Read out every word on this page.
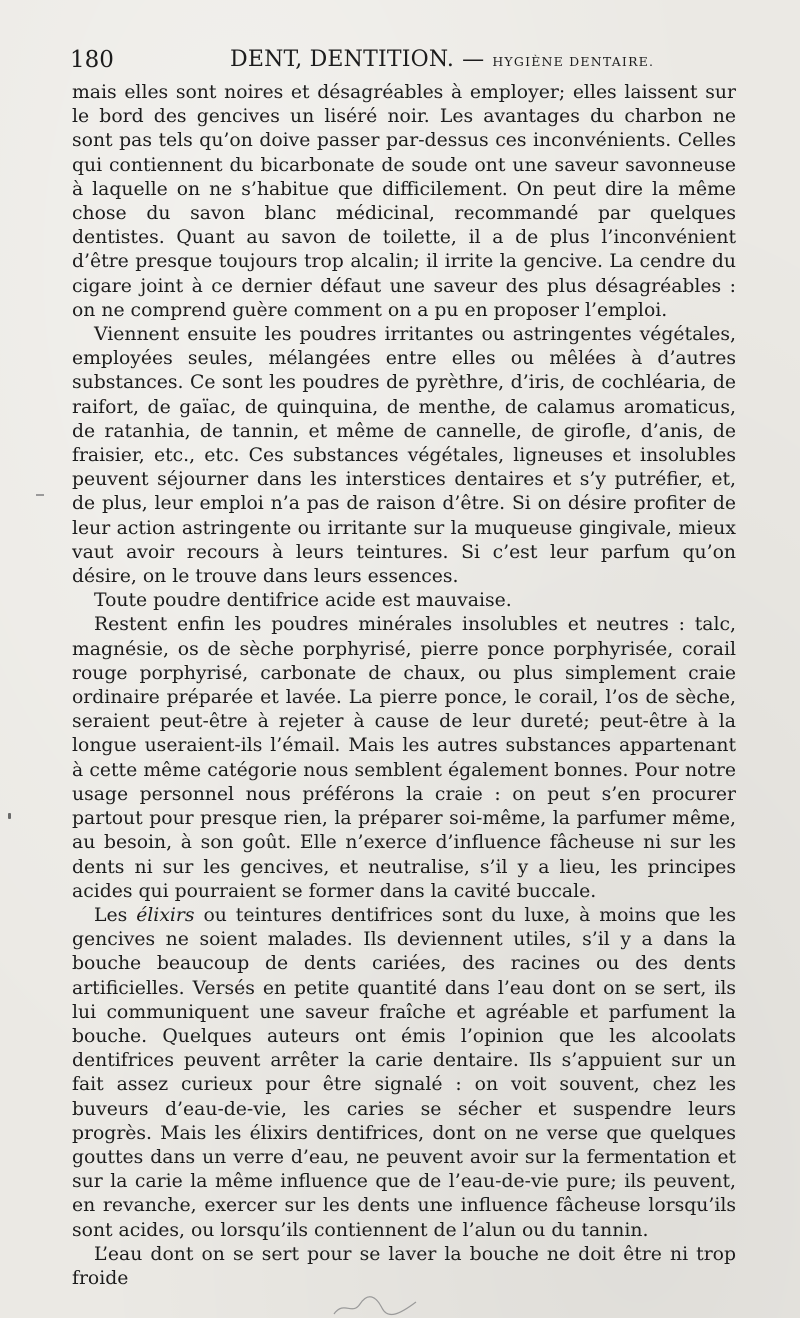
180	DENT, DENTITION. — HYGIÈNE DENTAIRE.

mais elles sont noires et désagréables à employer; elles laissent sur le bord des gencives un liséré noir. Les avantages du charbon ne sont pas tels qu’on doive passer par-dessus ces inconvénients. Celles qui contiennent du bicarbonate de soude ont une saveur savonneuse à laquelle on ne s’habitue que difficilement. On peut dire la même chose du savon blanc médicinal, recommandé par quelques dentistes. Quant au savon de toilette, il a de plus l’inconvénient d’être presque toujours trop alcalin; il irrite la gencive. La cendre du cigare joint à ce dernier défaut une saveur des plus désagréables : on ne comprend guère comment on a pu en proposer l’emploi.

Viennent ensuite les poudres irritantes ou astringentes végétales, employées seules, mélangées entre elles ou mêlées à d’autres substances. Ce sont les poudres de pyrèthre, d’iris, de cochléaria, de raifort, de gaïac, de quinquina, de menthe, de calamus aromaticus, de ratanhia, de tannin, et même de cannelle, de girofle, d’anis, de fraisier, etc., etc. Ces substances végétales, ligneuses et insolubles peuvent séjourner dans les interstices dentaires et s’y putréfier, et, de plus, leur emploi n’a pas de raison d’être. Si on désire profiter de leur action astringente ou irritante sur la muqueuse gingivale, mieux vaut avoir recours à leurs teintures. Si c’est leur parfum qu’on désire, on le trouve dans leurs essences.

Toute poudre dentifrice acide est mauvaise.

Restent enfin les poudres minérales insolubles et neutres : talc, magnésie, os de sèche porphyrisé, pierre ponce porphyrisée, corail rouge porphyrisé, carbonate de chaux, ou plus simplement craie ordinaire préparée et lavée. La pierre ponce, le corail, l’os de sèche, seraient peut-être à rejeter à cause de leur dureté; peut-être à la longue useraient-ils l’émail. Mais les autres substances appartenant à cette même catégorie nous semblent également bonnes. Pour notre usage personnel nous préférons la craie : on peut s’en procurer partout pour presque rien, la préparer soi-même, la parfumer même, au besoin, à son goût. Elle n’exerce d’influence fâcheuse ni sur les dents ni sur les gencives, et neutralise, s’il y a lieu, les principes acides qui pourraient se former dans la cavité buccale.

Les élixirs ou teintures dentifrices sont du luxe, à moins que les gencives ne soient malades. Ils deviennent utiles, s’il y a dans la bouche beaucoup de dents cariées, des racines ou des dents artificielles. Versés en petite quantité dans l’eau dont on se sert, ils lui communiquent une saveur fraîche et agréable et parfument la bouche. Quelques auteurs ont émis l’opinion que les alcoolats dentifrices peuvent arrêter la carie dentaire. Ils s’appuient sur un fait assez curieux pour être signalé : on voit souvent, chez les buveurs d’eau-de-vie, les caries se sécher et suspendre leurs progrès. Mais les élixirs dentifrices, dont on ne verse que quelques gouttes dans un verre d’eau, ne peuvent avoir sur la fermentation et sur la carie la même influence que de l’eau-de-vie pure; ils peuvent, en revanche, exercer sur les dents une influence fâcheuse lorsqu’ils sont acides, ou lorsqu’ils contiennent de l’alun ou du tannin.

L’eau dont on se sert pour se laver la bouche ne doit être ni trop froide
